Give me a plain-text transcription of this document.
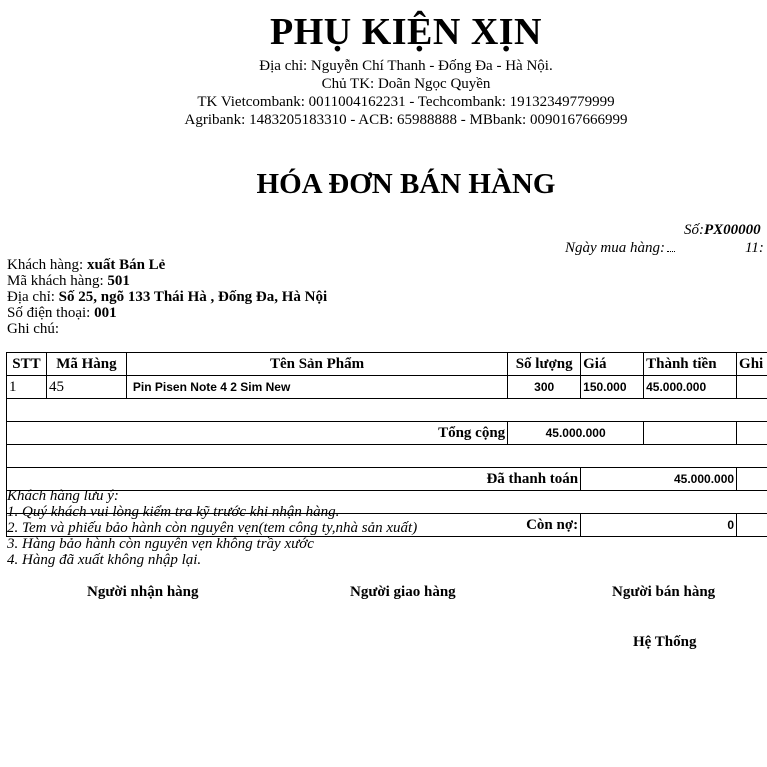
PHỤ KIỆN XỊN
Địa chỉ: Nguyễn Chí Thanh - Đống Đa - Hà Nội.
Chủ TK: Doãn Ngọc Quyền
TK Vietcombank: 0011004162231 - Techcombank: 19132349779999
Agribank: 1483205183310 - ACB: 65988888 - MBbank: 0090167666999
HÓA ĐƠN BÁN HÀNG
Số:PX00000
Ngày mua hàng:	11:
Khách hàng: xuất Bán Lẻ
Mã khách hàng: 501
Địa chỉ: Số 25, ngõ 133 Thái Hà , Đống Đa, Hà Nội
Số điện thoại: 001
Ghi chú:
STT	Mã Hàng	Tên Sản Phẩm	Số lượng	Giá	Thành tiền	Ghi
1	45	Pin Pisen Note 4 2 Sim New	300	150.000	45.000.000	

Tổng cộng			45.000.000			

Đã thanh toán				45.000.000		

Còn nợ:				0		
Khách hàng lưu ý:
1. Quý khách vui lòng kiểm tra kỹ trước khi nhận hàng.
2. Tem và phiếu bảo hành còn nguyên vẹn(tem công ty,nhà sản xuất)
3. Hàng bảo hành còn nguyên vẹn không trầy xước
4. Hàng đã xuất không nhập lại.
Người nhận hàng	Người giao hàng	Người bán hàng
Hệ Thống
